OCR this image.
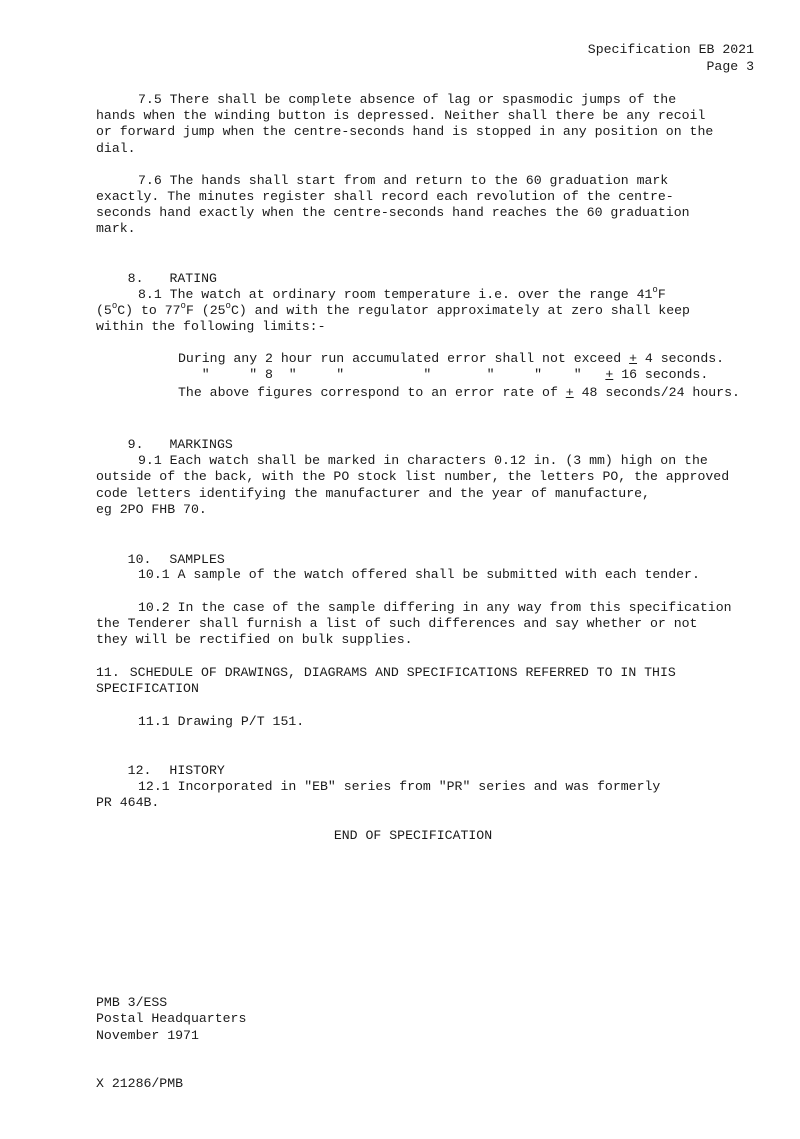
Specification EB 2021
Page 3
7.5 There shall be complete absence of lag or spasmodic jumps of the
hands when the winding button is depressed. Neither shall there be any recoil
or forward jump when the centre-seconds hand is stopped in any position on the
dial.
7.6 The hands shall start from and return to the 60 graduation mark
exactly. The minutes register shall record each revolution of the centre-
seconds hand exactly when the centre-seconds hand reaches the 60 graduation
mark.

8. RATING

8.1 The watch at ordinary room temperature i.e. over the range 41$^o$F
(5$^o$C) to 77$^o$F (25$^o$C) and with the regulator approximately at zero shall keep
within the following limits:-
During any 2 hour run accumulated error shall not exceed + 4 seconds.
"     " 8  "     "          "       "     "    "   + 16 seconds.
The above figures correspond to an error rate of + 48 seconds/24 hours.

9. MARKINGS

9.1 Each watch shall be marked in characters 0.12 in. (3 mm) high on the
outside of the back, with the PO stock list number, the letters PO, the approved
code letters identifying the manufacturer and the year of manufacture,
eg 2PO FHB 70.

10. SAMPLES

10.1 A sample of the watch offered shall be submitted with each tender.
10.2 In the case of the sample differing in any way from this specification
the Tenderer shall furnish a list of such differences and say whether or not
they will be rectified on bulk supplies.
11. SCHEDULE OF DRAWINGS, DIAGRAMS AND SPECIFICATIONS REFERRED TO IN THIS
SPECIFICATION
11.1 Drawing P/T 151.

12. HISTORY

12.1 Incorporated in "EB" series from "PR" series and was formerly
PR 464B.
END OF SPECIFICATION
PMB 3/ESS
Postal Headquarters
November 1971
X 21286/PMB
